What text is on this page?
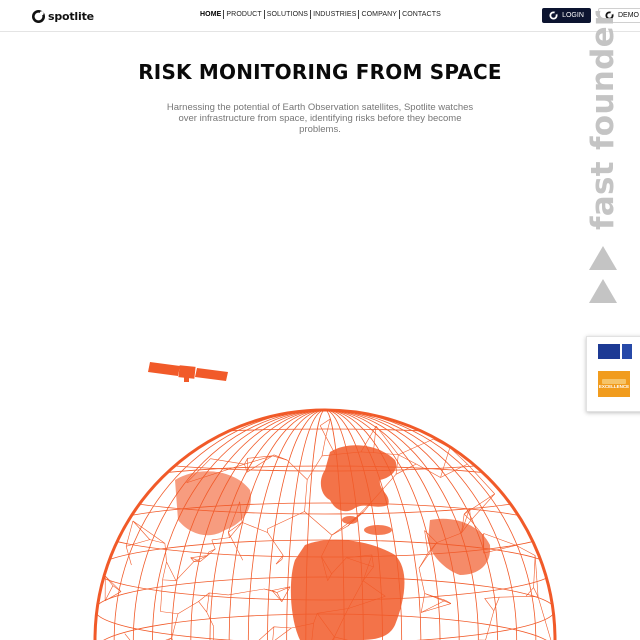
spotlite	HOME PRODUCT SOLUTIONS INDUSTRIES COMPANY CONTACTS	LOGIN	DEMO
RISK MONITORING FROM SPACE
Harnessing the potential of Earth Observation satellites, Spotlite watches over infrastructure from space, identifying risks before they become problems.	fast founder
EXCELLENCE
